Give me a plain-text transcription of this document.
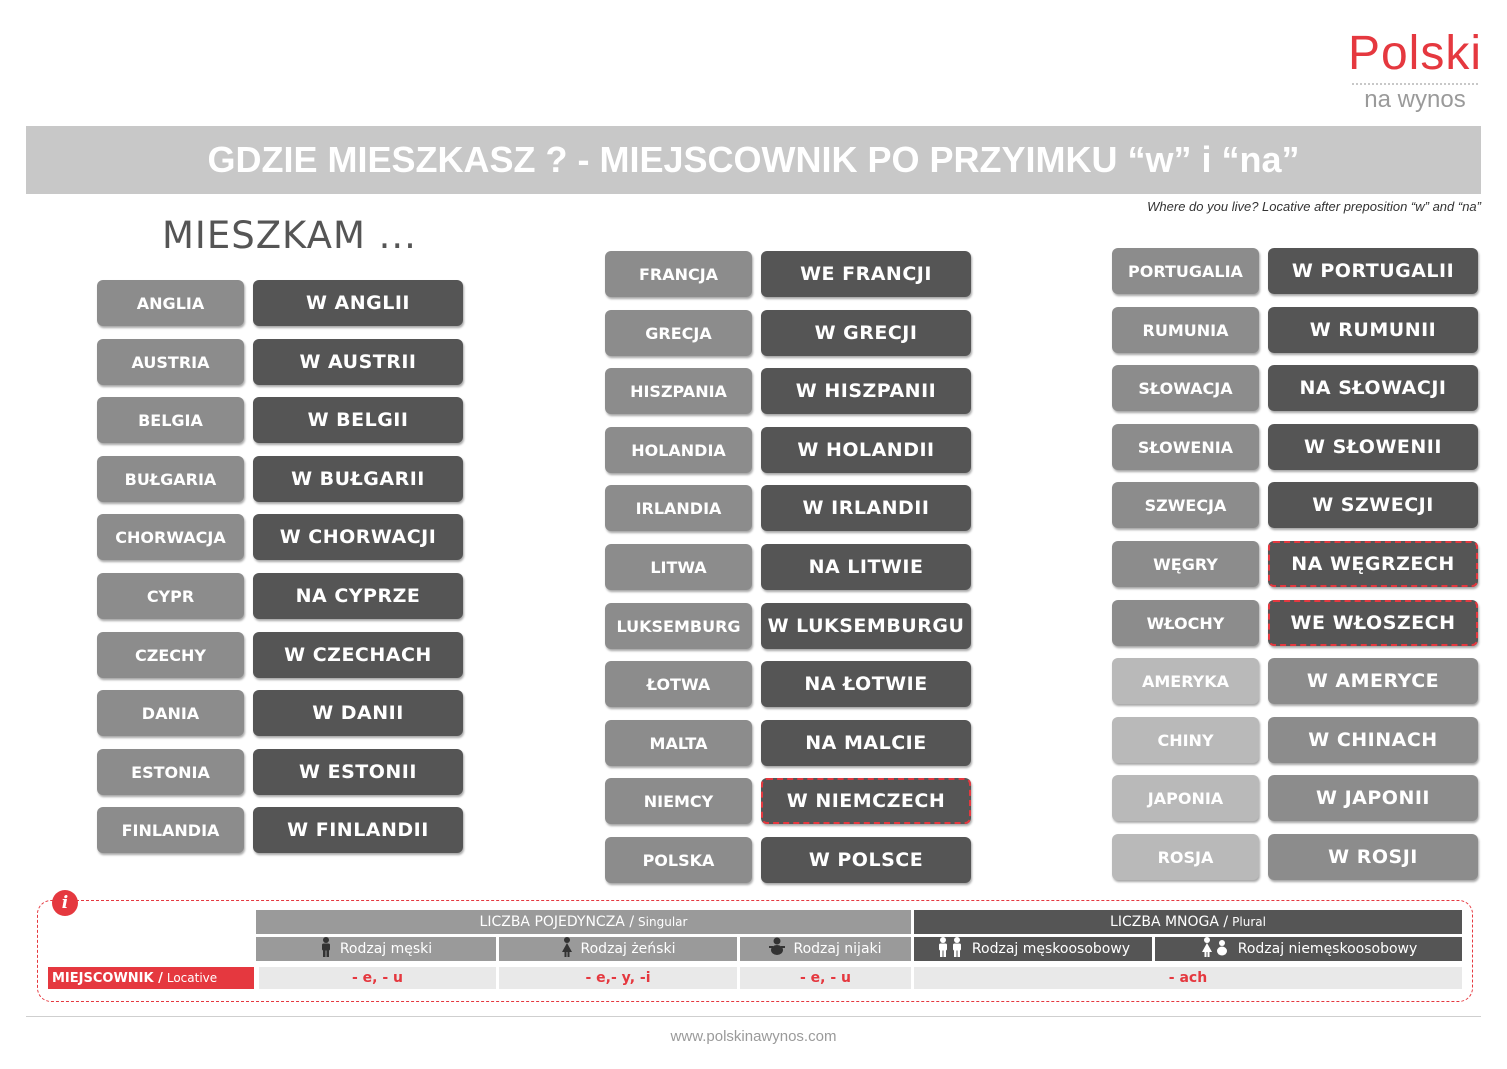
Polski
na wynos
GDZIE MIESZKASZ ? - MIEJSCOWNIK PO PRZYIMKU “w” i “na”
Where do you live? Locative after preposition “w” and “na”
MIESZKAM ...
ANGLIA	W ANGLII
AUSTRIA	W AUSTRII
BELGIA	W BELGII
BUŁGARIA	W BUŁGARII
CHORWACJA	W CHORWACJI
CYPR	NA CYPRZE
CZECHY	W CZECHACH
DANIA	W DANII
ESTONIA	W ESTONII
FINLANDIA	W FINLANDII
FRANCJA	WE FRANCJI
GRECJA	W GRECJI
HISZPANIA	W HISZPANII
HOLANDIA	W HOLANDII
IRLANDIA	W IRLANDII
LITWA	NA LITWIE
LUKSEMBURG	W LUKSEMBURGU
ŁOTWA	NA ŁOTWIE
MALTA	NA MALCIE
NIEMCY	W NIEMCZECH
POLSKA	W POLSCE
PORTUGALIA	W PORTUGALII
RUMUNIA	W RUMUNII
SŁOWACJA	NA SŁOWACJI
SŁOWENIA	W SŁOWENII
SZWECJA	W SZWECJI
WĘGRY	NA WĘGRZECH
WŁOCHY	WE WŁOSZECH
AMERYKA	W AMERYCE
CHINY	W CHINACH
JAPONIA	W JAPONII
ROSJA	W ROSJI
i
LICZBA POJEDYNCZA / Singular	LICZBA MNOGA / Plural
Rodzaj męski	Rodzaj żeński	Rodzaj nijaki	Rodzaj męskoosobowy	Rodzaj niemęskoosobowy
MIEJSCOWNIK / Locative	- e, - u	- e,- y, -i	- e, - u	- ach
www.polskinawynos.com
